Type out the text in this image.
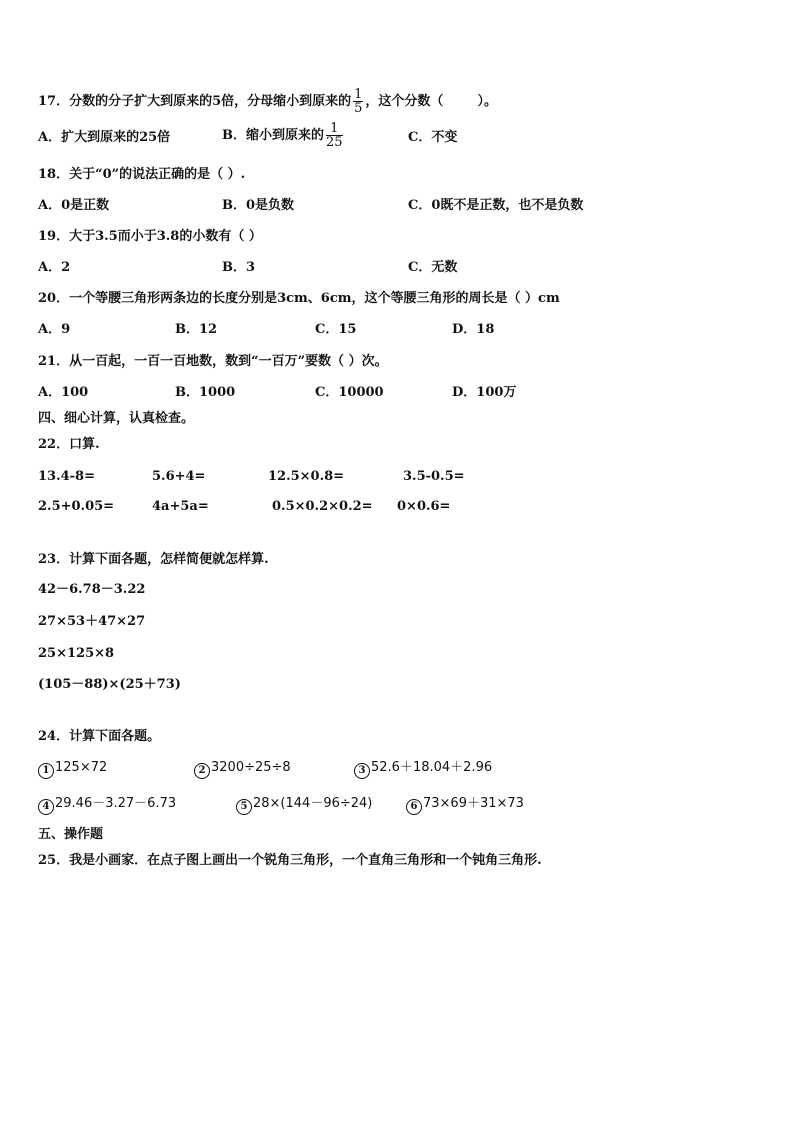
17．分数的分子扩大到原来的5倍，分母缩小到原来的 $\frac{1}{5}$ ，这个分数（	）。
A．扩大到原来的25倍	B．缩小到原来的 $\frac{1}{25}$	C．不变
18．关于“0”的说法正确的是（ ）.
A．0是正数	B．0是负数	C．0既不是正数，也不是负数
19．大于3.5而小于3.8的小数有（ ）
A．2	B．3	C．无数
20．一个等腰三角形两条边的长度分别是3cm、6cm，这个等腰三角形的周长是（ ）cm
A．9	B．12	C．15	D．18
21．从一百起，一百一百地数，数到“一百万”要数（ ）次。
A．100	B．1000	C．10000	D．100万
四、细心计算，认真检查。
22．口算.
13.4-8=	5.6+4=	12.5×0.8=	3.5-0.5=
2.5+0.05=	4a+5a=	0.5×0.2×0.2= 0×0.6=
23．计算下面各题，怎样简便就怎样算.
42－6.78－3.22
27×53＋47×27
25×125×8
(105－88)×(25＋73)
24．计算下面各题。
1 125×72	2 3200÷25÷8	3 52.6＋18.04＋2.96
4 29.46－3.27－6.73	5 28×(144－96÷24)	6 73×69＋31×73
五、操作题
25．我是小画家．在点子图上画出一个锐角三角形，一个直角三角形和一个钝角三角形.
